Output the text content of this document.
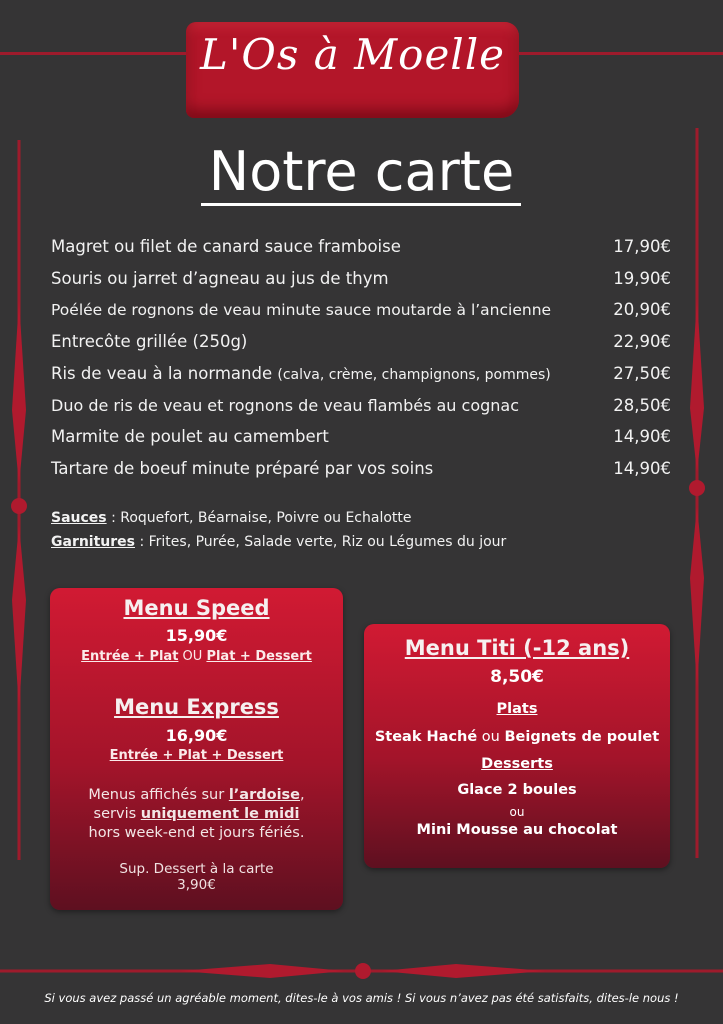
L'Os à Moelle
Notre carte
Magret ou filet de canard sauce framboise	17,90€
Souris ou jarret d’agneau au jus de thym	19,90€
Poélée de rognons de veau minute sauce moutarde à l’ancienne	20,90€
Entrecôte grillée (250g)	22,90€
Ris de veau à la normande (calva, crème, champignons, pommes)	27,50€
Duo de ris de veau et rognons de veau flambés au cognac	28,50€
Marmite de poulet au camembert	14,90€
Tartare de boeuf minute préparé par vos soins	14,90€
Sauces : Roquefort, Béarnaise, Poivre ou Echalotte
Garnitures : Frites, Purée, Salade verte, Riz ou Légumes du jour
Menu Speed
15,90€
Entrée + Plat OU Plat + Dessert
Menu Express
16,90€
Entrée + Plat + Dessert
Menus affichés sur l’ardoise,
servis uniquement le midi
hors week-end et jours fériés.
Sup. Dessert à la carte
3,90€
Menu Titi (-12 ans)
8,50€
Plats
Steak Haché ou Beignets de poulet
Desserts
Glace 2 boules
ou
Mini Mousse au chocolat
Si vous avez passé un agréable moment, dites-le à vos amis ! Si vous n’avez pas été satisfaits, dites-le nous !
